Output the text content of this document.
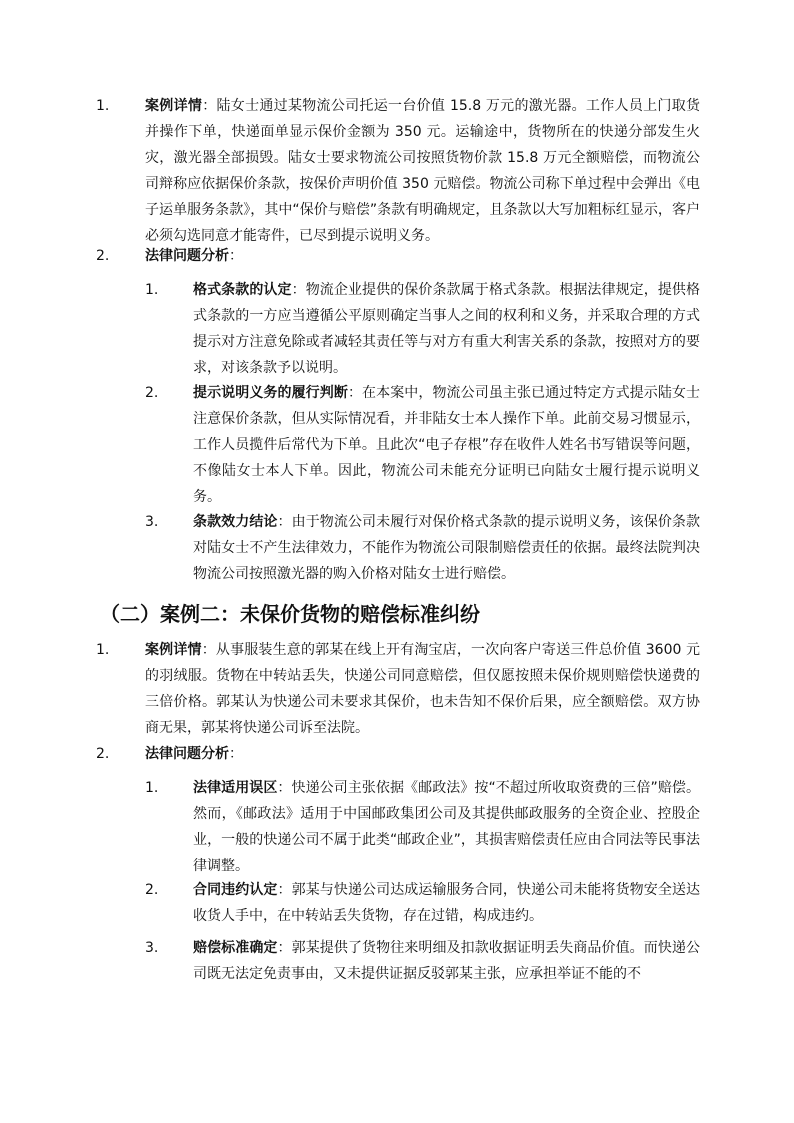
1.	案例详情：陆女士通过某物流公司托运一台价值 15.8 万元的激光器。工作人员上门取货并操作下单，快递面单显示保价金额为 350 元。运输途中，货物所在的快递分部发生火灾，激光器全部损毁。陆女士要求物流公司按照货物价款 15.8 万元全额赔偿，而物流公司辩称应依据保价条款，按保价声明价值 350 元赔偿。物流公司称下单过程中会弹出《电子运单服务条款》，其中“保价与赔偿”条款有明确规定，且条款以大写加粗标红显示，客户必须勾选同意才能寄件，已尽到提示说明义务。
2.	法律问题分析：
1. 格式条款的认定：物流企业提供的保价条款属于格式条款。根据法律规定，提供格式条款的一方应当遵循公平原则确定当事人之间的权利和义务，并采取合理的方式提示对方注意免除或者减轻其责任等与对方有重大利害关系的条款，按照对方的要求，对该条款予以说明。
2. 提示说明义务的履行判断：在本案中，物流公司虽主张已通过特定方式提示陆女士注意保价条款，但从实际情况看，并非陆女士本人操作下单。此前交易习惯显示，工作人员揽件后常代为下单。且此次“电子存根”存在收件人姓名书写错误等问题，不像陆女士本人下单。因此，物流公司未能充分证明已向陆女士履行提示说明义务。
3. 条款效力结论：由于物流公司未履行对保价格式条款的提示说明义务，该保价条款对陆女士不产生法律效力，不能作为物流公司限制赔偿责任的依据。最终法院判决物流公司按照激光器的购入价格对陆女士进行赔偿。
（二）案例二：未保价货物的赔偿标准纠纷
1.	案例详情：从事服装生意的郭某在线上开有淘宝店，一次向客户寄送三件总价值 3600 元的羽绒服。货物在中转站丢失，快递公司同意赔偿，但仅愿按照未保价规则赔偿快递费的三倍价格。郭某认为快递公司未要求其保价，也未告知不保价后果，应全额赔偿。双方协商无果，郭某将快递公司诉至法院。
2.	法律问题分析：
1. 法律适用误区：快递公司主张依据《邮政法》按“不超过所收取资费的三倍”赔偿。然而，《邮政法》适用于中国邮政集团公司及其提供邮政服务的全资企业、控股企业，一般的快递公司不属于此类“邮政企业”，其损害赔偿责任应由合同法等民事法律调整。
2. 合同违约认定：郭某与快递公司达成运输服务合同，快递公司未能将货物安全送达收货人手中，在中转站丢失货物，存在过错，构成违约。
3. 赔偿标准确定：郭某提供了货物往来明细及扣款收据证明丢失商品价值。而快递公司既无法定免责事由，又未提供证据反驳郭某主张，应承担举证不能的不
